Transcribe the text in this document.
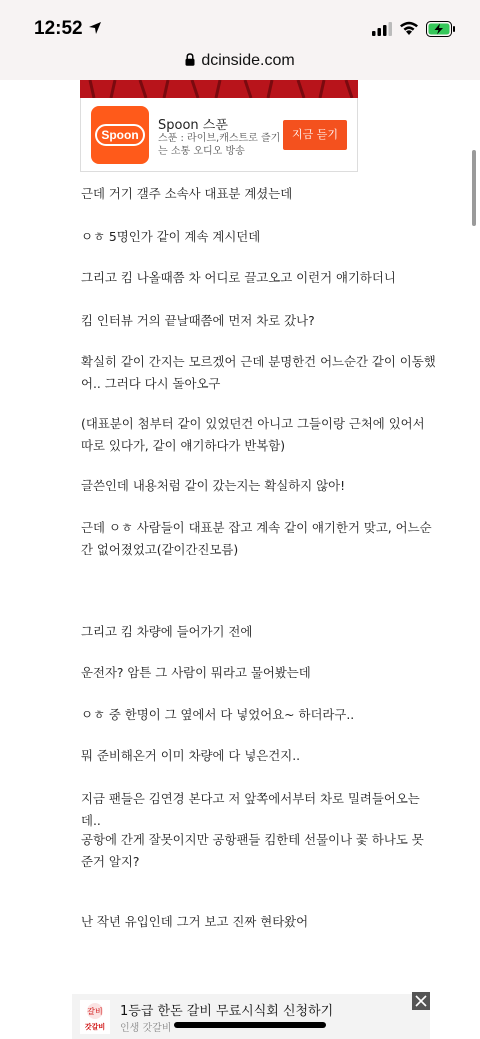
12:52
dcinside.com
Spoon
Spoon 스푼
스푼 : 라이브,캐스트로 즐기는 소통 오디오 방송
지금 듣기

근데 거기 갤주 소속사 대표분 계셨는데

ㅇㅎ 5명인가 같이 계속 계시던데

그리고 킴 나올때쯤 차 어디로 끌고오고 이런거 얘기하더니

킴 인터뷰 거의 끝날때쯤에 먼저 차로 갔나?

확실히 같이 간지는 모르겠어 근데 분명한건 어느순간 같이 이동했어.. 그러다 다시 돌아오구

(대표분이 첨부터 같이 있었던건 아니고 그들이랑 근처에 있어서 따로 있다가, 같이 얘기하다가 반복함)

글쓴인데 내용처럼 같이 갔는지는 확실하지 않아!

근데 ㅇㅎ 사람들이 대표분 잡고 계속 같이 얘기한거 맞고, 어느순간 없어졌었고(같이간진모름)

그리고 킴 차량에 들어가기 전에

운전자? 암튼 그 사람이 뭐라고 물어봤는데

ㅇㅎ 중 한명이 그 옆에서 다 넣었어요~ 하더라구..

뭐 준비해온거 이미 차량에 다 넣은건지..

지금 팬들은 김연경 본다고 저 앞쪽에서부터 차로 밀려들어오는데..

공항에 간게 잘못이지만 공항팬들 킴한테 선물이나 꽃 하나도 못 준거 알지?

난 작년 유입인데 그거 보고 진짜 현타왔어

갈비
갓갈비
1등급 한돈 갈비 무료시식회 신청하기
인생 갓갈비
